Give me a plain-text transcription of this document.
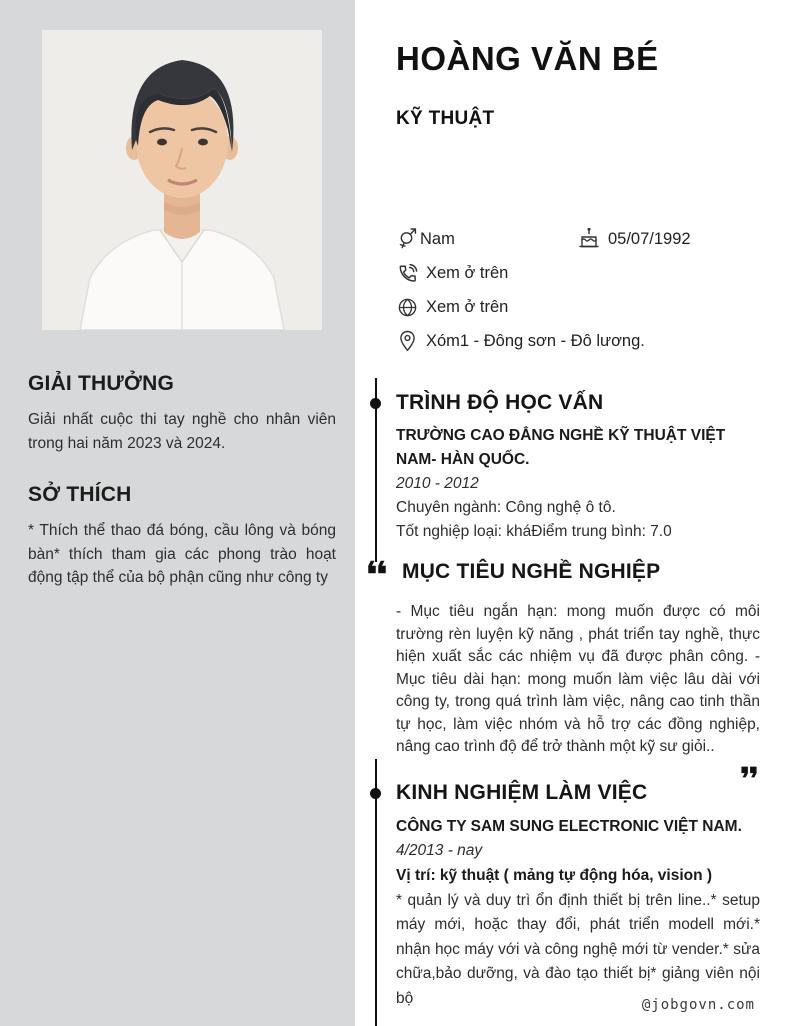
GIẢI THƯỞNG
Giải nhất cuộc thi tay nghề cho nhân viên trong hai năm 2023 và 2024.
SỞ THÍCH
* Thích thể thao đá bóng, cầu lông và bóng bàn* thích tham gia các phong trào hoạt động tập thể của bộ phận cũng như công ty
HOÀNG VĂN BÉ
KỸ THUẬT
Nam	05/07/1992
Xem ở trên
Xem ở trên
Xóm1 - Đông sơn - Đô lương.
TRÌNH ĐỘ HỌC VẤN
TRƯỜNG CAO ĐẲNG NGHỀ KỸ THUẬT VIỆT NAM- HÀN QUỐC.
2010 - 2012
Chuyên ngành: Công nghệ ô tô.
Tốt nghiệp loại: kháĐiểm trung bình: 7.0
MỤC TIÊU NGHỀ NGHIỆP
- Mục tiêu ngắn hạn: mong muốn được có môi trường rèn luyện kỹ năng , phát triển tay nghề, thực hiện xuất sắc các nhiệm vụ đã được phân công. - Mục tiêu dài hạn: mong muốn làm việc lâu dài với công ty, trong quá trình làm việc, nâng cao tinh thần tự học, làm việc nhóm và hỗ trợ các đồng nghiệp, nâng cao trình độ để trở thành một kỹ sư giỏi..
KINH NGHIỆM LÀM VIỆC
CÔNG TY SAM SUNG ELECTRONIC VIỆT NAM.
4/2013 - nay
Vị trí: kỹ thuật ( mảng tự động hóa, vision )
* quản lý và duy trì ổn định thiết bị trên line..* setup máy mới, hoặc thay đổi, phát triển modell mới.* nhận học máy với và công nghệ mới từ vender.* sửa chữa,bảo dưỡng, và đào tạo thiết bị* giảng viên nội bộ	@jobgovn.com
